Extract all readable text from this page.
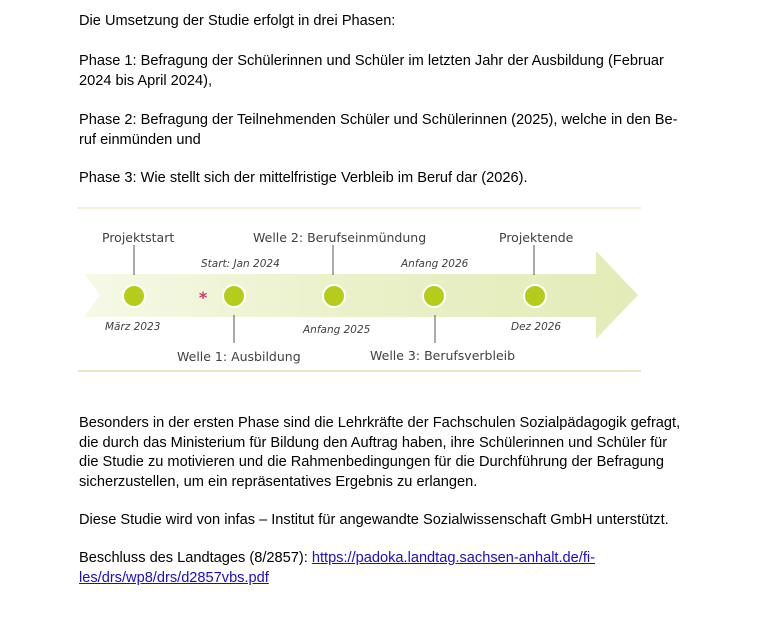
Die Umsetzung der Studie erfolgt in drei Phasen:

Phase 1: Befragung der Schülerinnen und Schüler im letzten Jahr der Ausbildung (Februar
2024 bis April 2024),

Phase 2: Befragung der Teilnehmenden Schüler und Schülerinnen (2025), welche in den Be-
ruf einmünden und

Phase 3: Wie stellt sich der mittelfristige Verbleib im Beruf dar (2026).

*
Projektstart	Welle 2: Berufseinmündung	Projektende
Start: Jan 2024	Anfang 2026
März 2023	Anfang 2025	Dez 2026
Welle 1: Ausbildung	Welle 3: Berufsverbleib

Besonders in der ersten Phase sind die Lehrkräfte der Fachschulen Sozialpädagogik gefragt,
die durch das Ministerium für Bildung den Auftrag haben, ihre Schülerinnen und Schüler für
die Studie zu motivieren und die Rahmenbedingungen für die Durchführung der Befragung
sicherzustellen, um ein repräsentatives Ergebnis zu erlangen.

Diese Studie wird von infas – Institut für angewandte Sozialwissenschaft GmbH unterstützt.

Beschluss des Landtages (8/2857): https://padoka.landtag.sachsen-anhalt.de/fi-
les/drs/wp8/drs/d2857vbs.pdf
